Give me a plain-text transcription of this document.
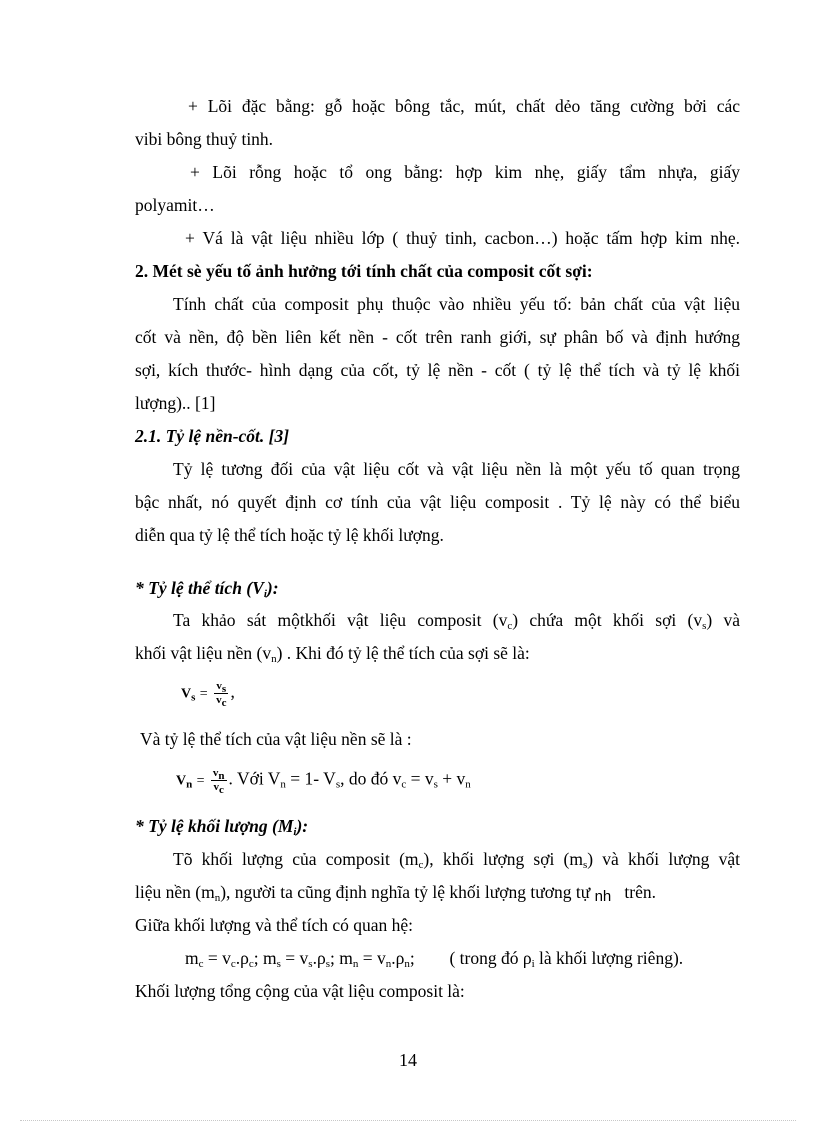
+ Lõi đặc bằng: gỗ hoặc bông tắc, mút, chất dẻo tăng cường bởi các
vibi bông thuỷ tinh.
+ Lõi rỗng hoặc tổ ong bằng: hợp kim nhẹ, giấy tẩm nhựa, giấy
polyamit…
+ Vá là vật liệu nhiều lớp ( thuỷ tinh, cacbon…) hoặc tấm hợp kim nhẹ.
2. Mét sè yếu tố ảnh hưởng tới tính chất của composit cốt sợi:
Tính chất của composit phụ thuộc vào nhiều yếu tố: bản chất của vật liệu
cốt và nền, độ bền liên kết nền - cốt trên ranh giới, sự phân bố và định hướng
sợi, kích thước- hình dạng của cốt, tỷ lệ nền - cốt ( tỷ lệ thể tích và tỷ lệ khối
lượng).. [1]
2.1. Tỷ lệ nền-cốt. [3]
Tỷ lệ tương đối của vật liệu cốt và vật liệu nền là một yếu tố quan trọng
bậc nhất, nó quyết định cơ tính của vật liệu composit . Tỷ lệ này có thể biểu
diễn qua tỷ lệ thể tích hoặc tỷ lệ khối lượng.
* Tỷ lệ thể tích $(V_i)$:
Ta khảo sát mộtkhối vật liệu composit $(v_c)$ chứa một khối sợi $(v_s)$ và
khối vật liệu nền $(v_n)$ . Khi đó tỷ lệ thể tích của sợi sẽ là:
$V_s = \frac{v_s}{v_c}$ ,
Và tỷ lệ thể tích của vật liệu nền sẽ là :
$V_n = \frac{v_n}{v_c}$ . Với $V_n = 1-$ $V_s$, do đó $v_c = v_s + v_n$
* Tỷ lệ khối lượng $(M_i)$:
Tõ khối lượng của composit $(m_c)$, khối lượng sợi $(m_s)$ và khối lượng vật
liệu nền $(m_n)$, người ta cũng định nghĩa tỷ lệ khối lượng tương tự nh trên.
Giữa khối lượng và thể tích có quan hệ:
$m_c = v_c.\rho_c$; $m_s = v_s.\rho_s$; $m_n = v_n.\rho_n$; ( trong đó $\rho_i$ là khối lượng riêng).
Khối lượng tổng cộng của vật liệu composit là:
14
